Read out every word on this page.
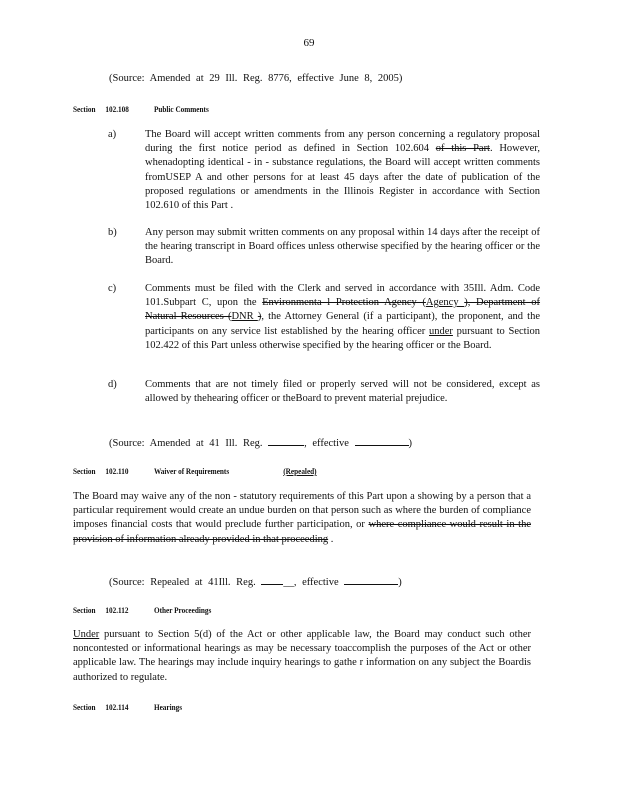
69
(Source: Amended at 29 Ill. Reg. 8776, effective June 8, 2005)
Section 102.108	Public Comments
a)	The Board will accept written comments from any person concerning a regulatory proposal during the first notice period as defined in Section 102.604 of this Part. However, whenadopting identical - in - substance regulations, the Board will accept written comments fromUSEP A and other persons for at least 45 days after the date of publication of the proposed regulations or amendments in the Illinois Register in accordance with Section 102.610 of this Part .
b)	Any person may submit written comments on any proposal within 14 days after the receipt of the hearing transcript in Board offices unless otherwise specified by the hearing officer or the Board.
c)	Comments must be filed with the Clerk and served in accordance with 35Ill. Adm. Code 101.Subpart C, upon the Environmenta l Protection Agency (Agency ), Department of Natural Resources (DNR ), the Attorney General (if a participant), the proponent, and the participants on any service list established by the hearing officer under pursuant to Section 102.422 of this Part unless otherwise specified by the hearing officer or the Board.
d)	Comments that are not timely filed or properly served will not be considered, except as allowed by thehearing officer or theBoard to prevent material prejudice.
(Source: Amended at 41 Ill. Reg.	, effective	)
Section 102.110	Waiver of Requirements	(Repealed)
The Board may waive any of the non - statutory requirements of this Part upon a showing by a person that a particular requirement would create an undue burden on that person such as where the burden of compliance imposes financial costs that would preclude further participation, or where compliance would result in the provision of information already provided in that proceeding .
(Source: Repealed at 41Ill. Reg.	__, effective	)
Section 102.112	Other Proceedings
Under pursuant to Section 5(d) of the Act or other applicable law, the Board may conduct such other noncontested or informational hearings as may be necessary toaccomplish the purposes of the Act or other applicable law. The hearings may include inquiry hearings to gathe r information on any subject the Boardis authorized to regulate.
Section 102.114	Hearings
